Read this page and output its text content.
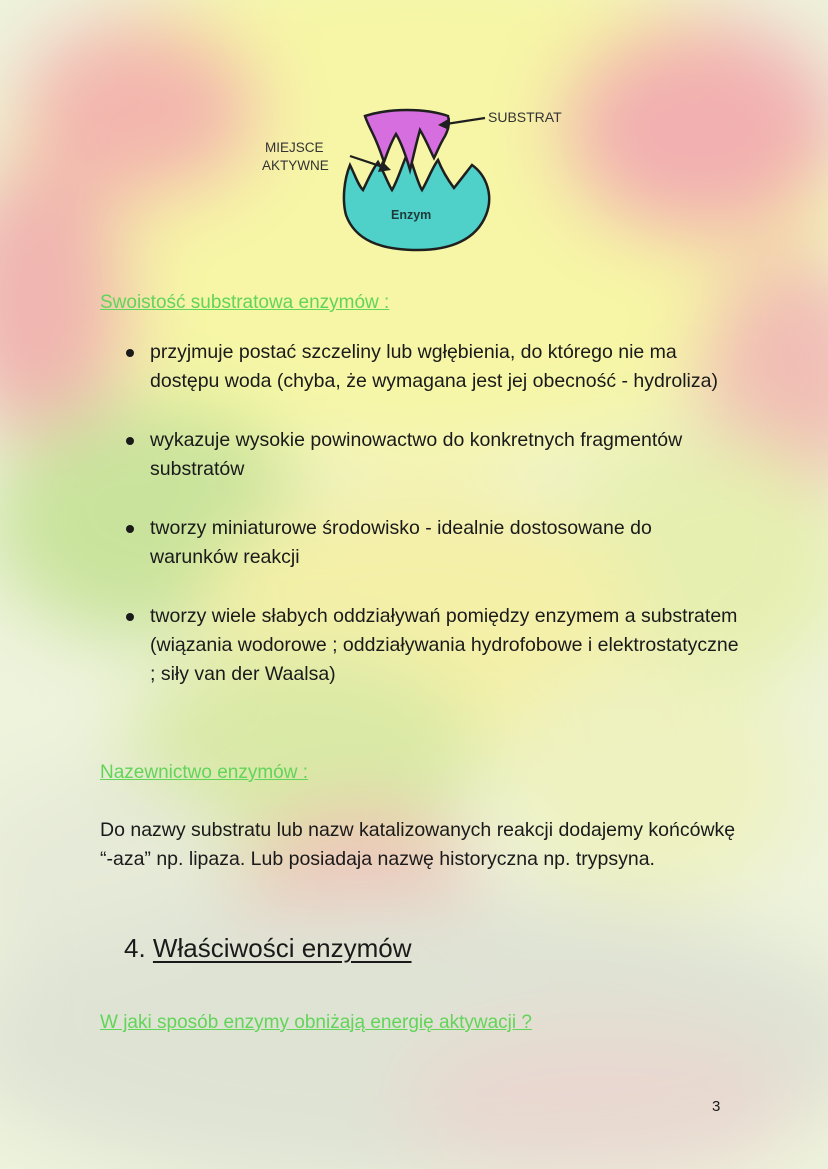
SUBSTRAT
MIEJSCE
AKTYWNE
Enzym
Swoistość substratowa enzymów :
przyjmuje postać szczeliny lub wgłębienia, do którego nie ma dostępu woda (chyba, że wymagana jest jej obecność - hydroliza)
wykazuje wysokie powinowactwo do konkretnych fragmentów substratów
tworzy miniaturowe środowisko - idealnie dostosowane do warunków reakcji
tworzy wiele słabych oddziaływań pomiędzy enzymem a substratem (wiązania wodorowe ; oddziaływania hydrofobowe i elektrostatyczne ; siły van der Waalsa)
Nazewnictwo enzymów :

Do nazwy substratu lub nazw katalizowanych reakcji dodajemy końcówkę “-aza” np. lipaza. Lub posiadaja nazwę historyczna np. trypsyna.

4. Właściwości enzymów
W jaki sposób enzymy obniżają energię aktywacji ?
3
